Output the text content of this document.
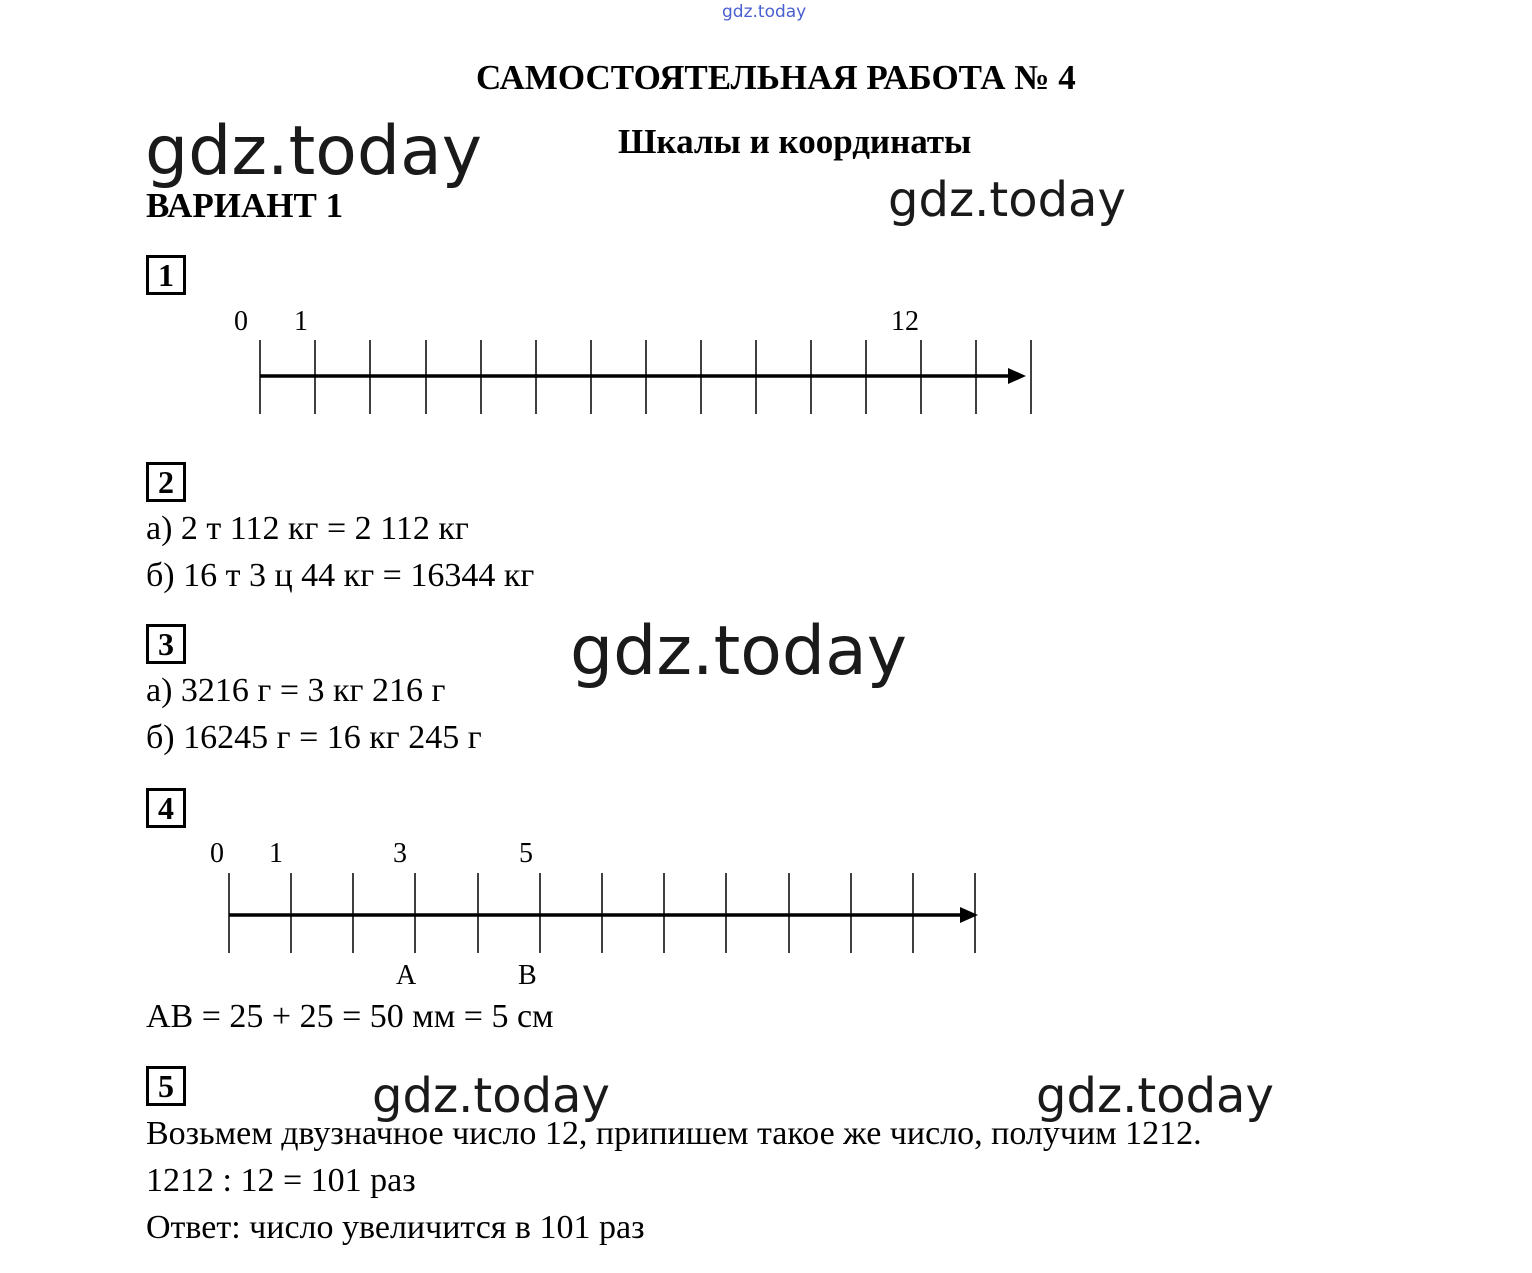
gdz.today
gdz.today
gdz.today
gdz.today
gdz.today	gdz.today
САМОСТОЯТЕЛЬНАЯ РАБОТА № 4
Шкалы и координаты
ВАРИАНТ 1
1
0 1	12
0 1	3	5
A	B
2
а) 2 т 112 кг = 2 112 кг
б) 16 т 3 ц 44 кг = 16344 кг
3
а) 3216 г = 3 кг 216 г
б) 16245 г = 16 кг 245 г
4
AB = 25 + 25 = 50 мм = 5 см
5
Возьмем двузначное число 12, припишем такое же число, получим 1212.
1212 : 12 = 101 раз
Ответ: число увеличится в 101 раз
